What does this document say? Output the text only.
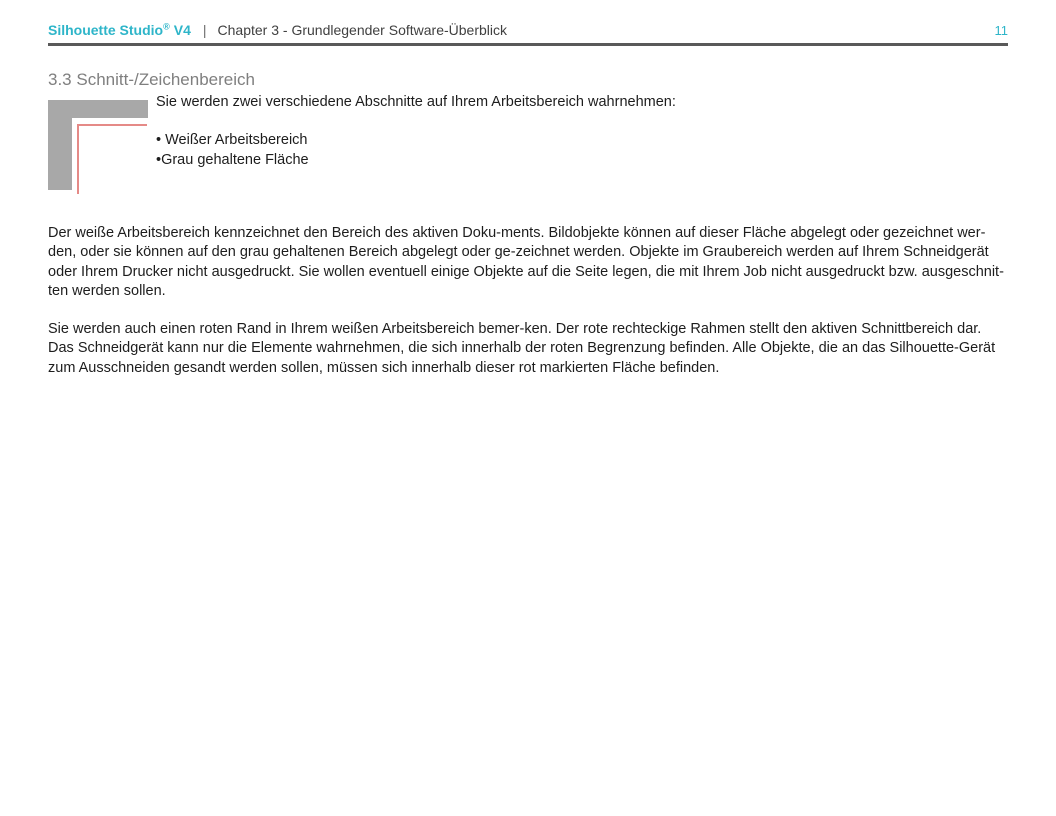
Silhouette Studio® V4 | Chapter 3 - Grundlegender Software-Überblick	11
3.3 Schnitt-/Zeichenbereich
Sie werden zwei verschiedene Abschnitte auf Ihrem Arbeitsbereich wahrnehmen:
• Weißer Arbeitsbereich
•Grau gehaltene Fläche

Der weiße Arbeitsbereich kennzeichnet den Bereich des aktiven Doku-ments. Bildobjekte können auf dieser Fläche abgelegt oder gezeichnet wer-den, oder sie können auf den grau gehaltenen Bereich abgelegt oder ge-zeichnet werden. Objekte im Graubereich werden auf Ihrem Schneidgerät oder Ihrem Drucker nicht ausgedruckt. Sie wollen eventuell einige Objekte auf die Seite legen, die mit Ihrem Job nicht ausgedruckt bzw. ausgeschnit-ten werden sollen.

Sie werden auch einen roten Rand in Ihrem weißen Arbeitsbereich bemer-ken. Der rote rechteckige Rahmen stellt den aktiven Schnittbereich dar. Das Schneidgerät kann nur die Elemente wahrnehmen, die sich innerhalb der roten Begrenzung befinden. Alle Objekte, die an das Silhouette-Gerät zum Ausschneiden gesandt werden sollen, müssen sich innerhalb dieser rot markierten Fläche befinden.
